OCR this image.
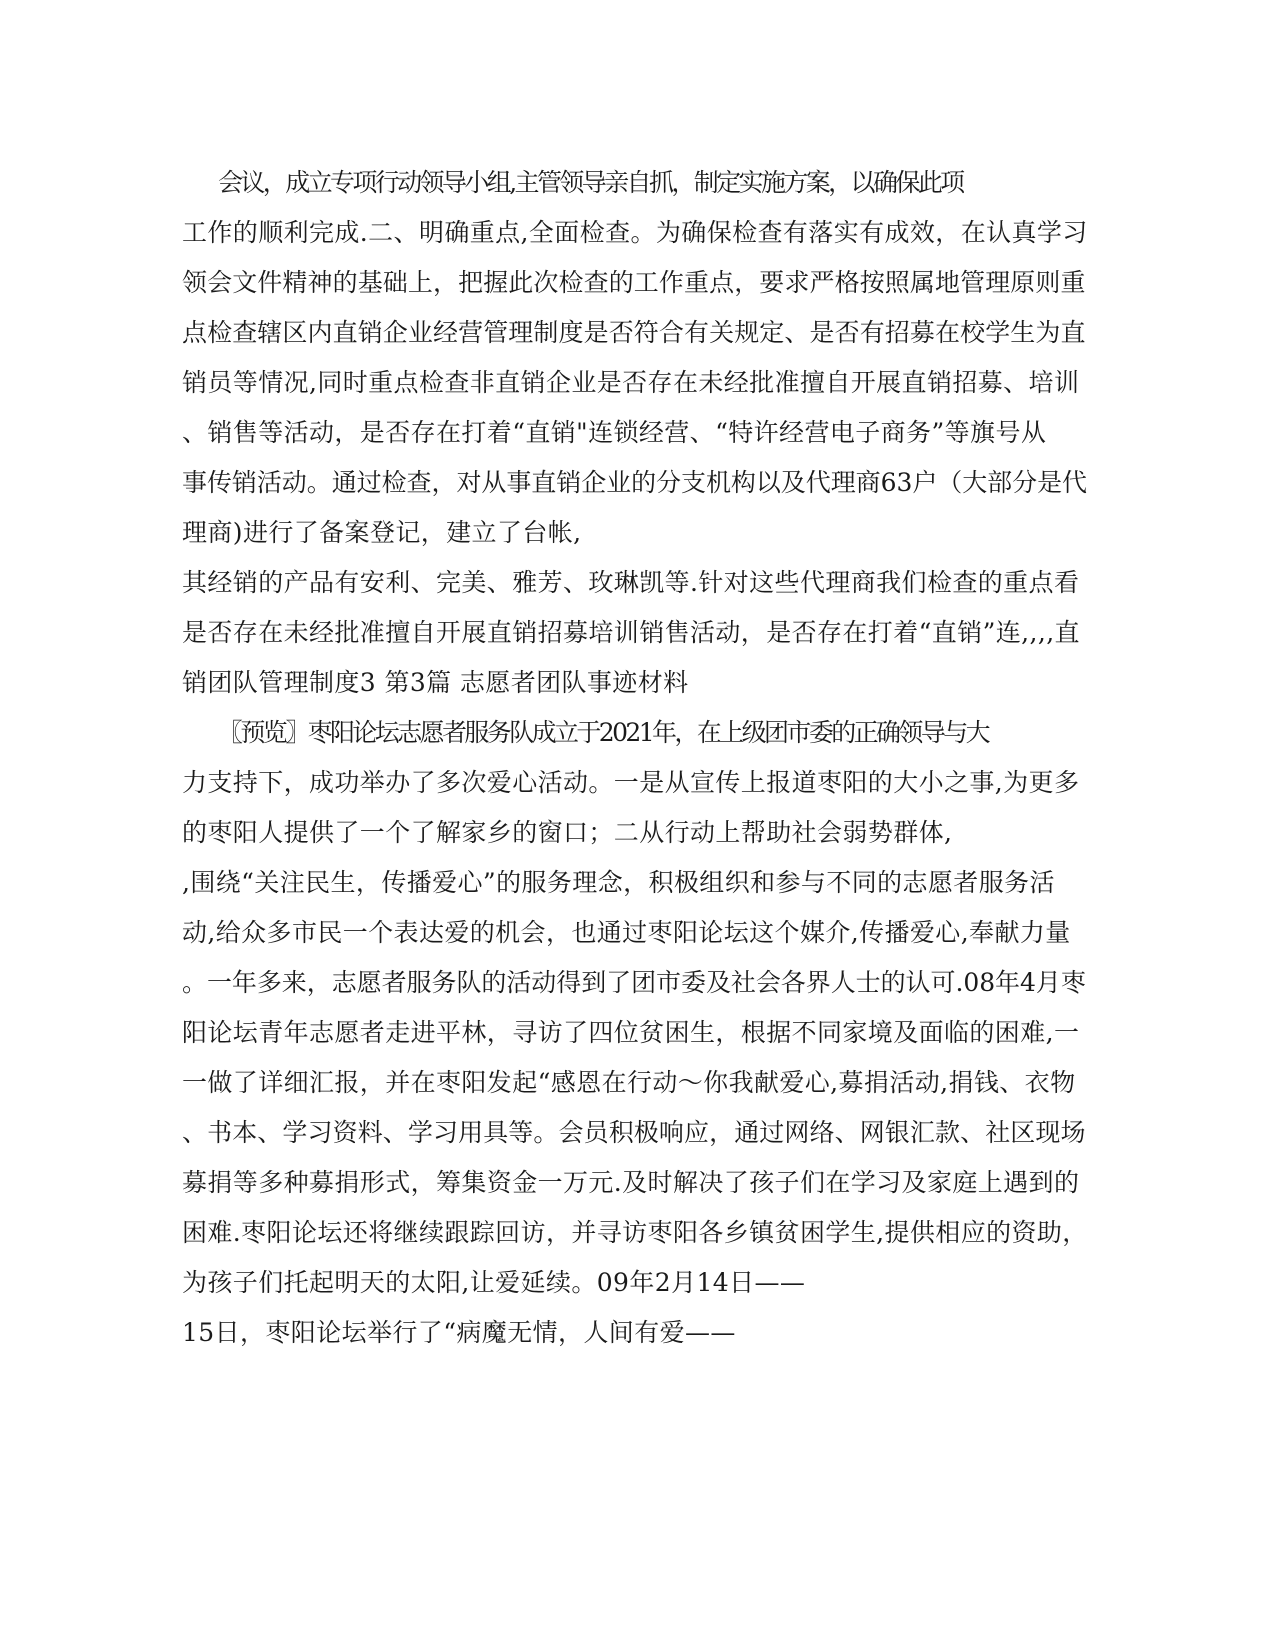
会议，成立专项行动领导小组,主管领导亲自抓，制定实施方案，以确保此项
工作的顺利完成.二、明确重点,全面检查。为确保检查有落实有成效，在认真学习
领会文件精神的基础上，把握此次检查的工作重点，要求严格按照属地管理原则重
点检查辖区内直销企业经营管理制度是否符合有关规定、是否有招募在校学生为直
销员等情况,同时重点检查非直销企业是否存在未经批准擅自开展直销招募、培训
、销售等活动，是否存在打着“直销"连锁经营、“特许经营电子商务”等旗号从
事传销活动。通过检查，对从事直销企业的分支机构以及代理商63户（大部分是代
理商)进行了备案登记，建立了台帐,
其经销的产品有安利、完美、雅芳、玫琳凯等.针对这些代理商我们检查的重点看
是否存在未经批准擅自开展直销招募培训销售活动，是否存在打着“直销”连,,,,直
销团队管理制度3 第3篇 志愿者团队事迹材料
〖预览〗枣阳论坛志愿者服务队成立于2021年，在上级团市委的正确领导与大
力支持下，成功举办了多次爱心活动。一是从宣传上报道枣阳的大小之事,为更多
的枣阳人提供了一个了解家乡的窗口；二从行动上帮助社会弱势群体,
,围绕“关注民生，传播爱心”的服务理念，积极组织和参与不同的志愿者服务活
动,给众多市民一个表达爱的机会，也通过枣阳论坛这个媒介,传播爱心,奉献力量
。一年多来，志愿者服务队的活动得到了团市委及社会各界人士的认可.08年4月枣
阳论坛青年志愿者走进平林，寻访了四位贫困生，根据不同家境及面临的困难,一
一做了详细汇报，并在枣阳发起“感恩在行动～你我献爱心,募捐活动,捐钱、衣物
、书本、学习资料、学习用具等。会员积极响应，通过网络、网银汇款、社区现场
募捐等多种募捐形式，筹集资金一万元.及时解决了孩子们在学习及家庭上遇到的
困难.枣阳论坛还将继续跟踪回访，并寻访枣阳各乡镇贫困学生,提供相应的资助，
为孩子们托起明天的太阳,让爱延续。09年2月14日——
15日，枣阳论坛举行了“病魔无情，人间有爱——
